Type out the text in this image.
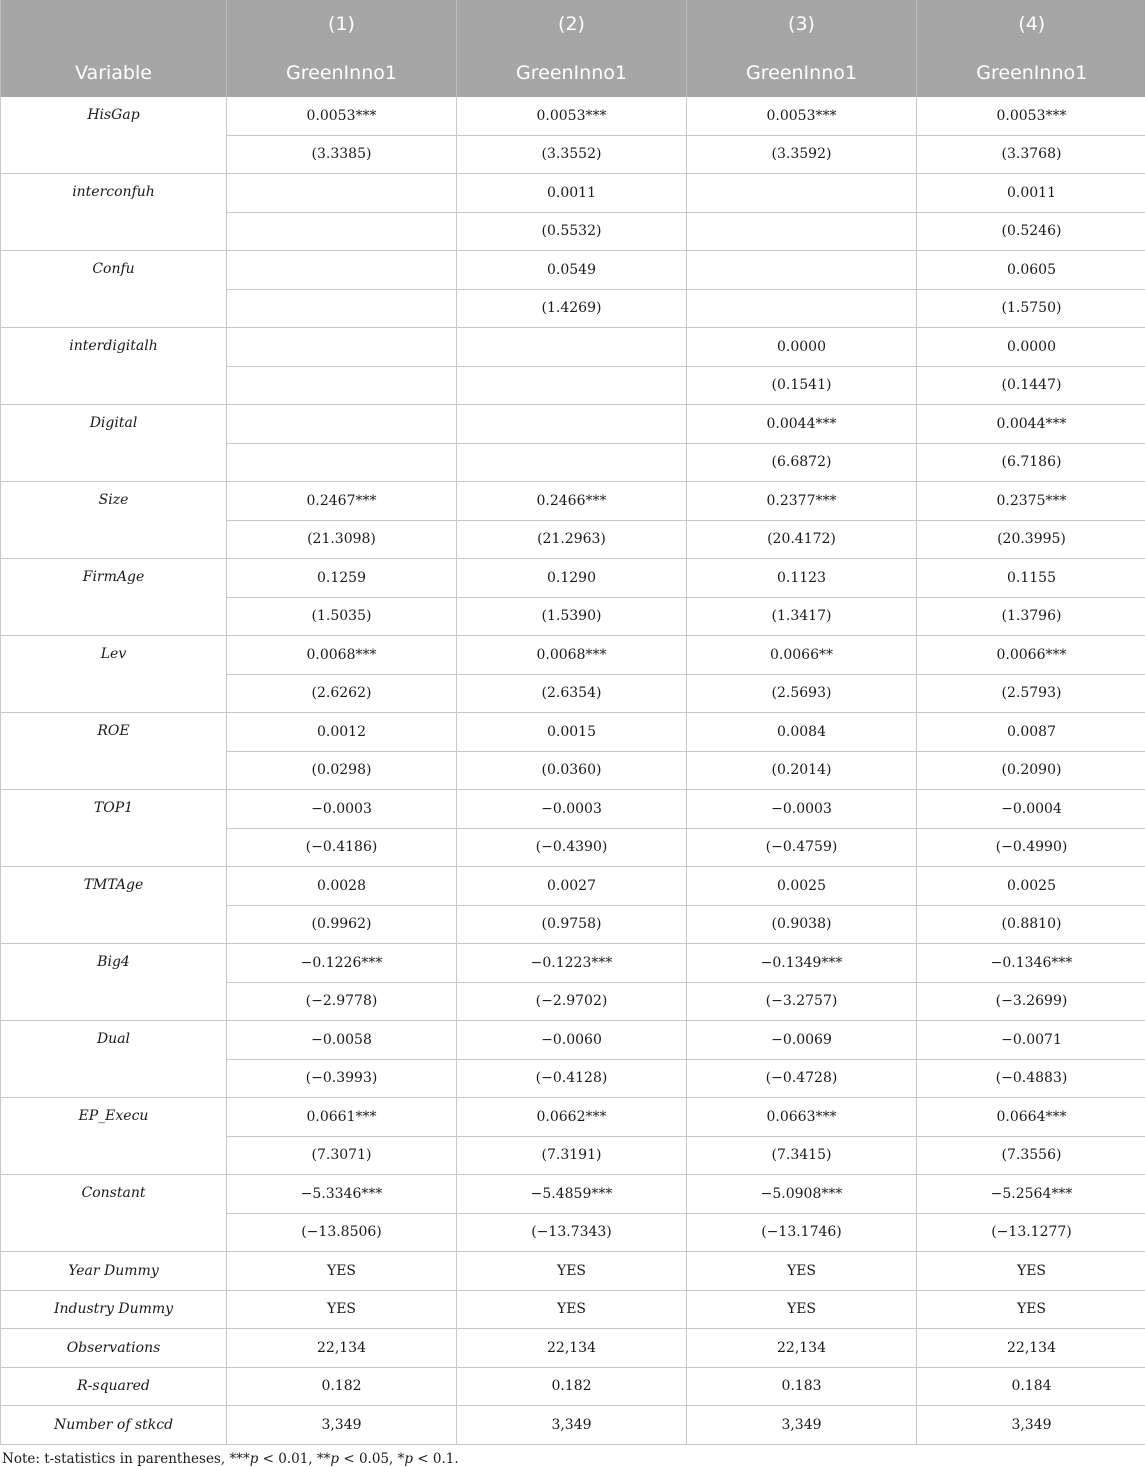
	(1)	(2)	(3)	(4)
Variable	GreenInno1	GreenInno1	GreenInno1	GreenInno1
HisGap	0.0053***	0.0053***	0.0053***	0.0053***
	(3.3385)	(3.3552)	(3.3592)	(3.3768)
interconfuh		0.0011		0.0011
		(0.5532)		(0.5246)
Confu		0.0549		0.0605
		(1.4269)		(1.5750)
interdigitalh			0.0000	0.0000
			(0.1541)	(0.1447)
Digital			0.0044***	0.0044***
			(6.6872)	(6.7186)
Size	0.2467***	0.2466***	0.2377***	0.2375***
	(21.3098)	(21.2963)	(20.4172)	(20.3995)
FirmAge	0.1259	0.1290	0.1123	0.1155
	(1.5035)	(1.5390)	(1.3417)	(1.3796)
Lev	0.0068***	0.0068***	0.0066**	0.0066***
	(2.6262)	(2.6354)	(2.5693)	(2.5793)
ROE	0.0012	0.0015	0.0084	0.0087
	(0.0298)	(0.0360)	(0.2014)	(0.2090)
TOP1	−0.0003	−0.0003	−0.0003	−0.0004
	(−0.4186)	(−0.4390)	(−0.4759)	(−0.4990)
TMTAge	0.0028	0.0027	0.0025	0.0025
	(0.9962)	(0.9758)	(0.9038)	(0.8810)
Big4	−0.1226***	−0.1223***	−0.1349***	−0.1346***
	(−2.9778)	(−2.9702)	(−3.2757)	(−3.2699)
Dual	−0.0058	−0.0060	−0.0069	−0.0071
	(−0.3993)	(−0.4128)	(−0.4728)	(−0.4883)
EP_Execu	0.0661***	0.0662***	0.0663***	0.0664***
	(7.3071)	(7.3191)	(7.3415)	(7.3556)
Constant	−5.3346***	−5.4859***	−5.0908***	−5.2564***
	(−13.8506)	(−13.7343)	(−13.1746)	(−13.1277)
Year Dummy	YES	YES	YES	YES
Industry Dummy	YES	YES	YES	YES
Observations	22,134	22,134	22,134	22,134
R-squared	0.182	0.182	0.183	0.184
Number of stkcd	3,349	3,349	3,349	3,349
Note: t-statistics in parentheses, ***p < 0.01, **p < 0.05, *p < 0.1.
